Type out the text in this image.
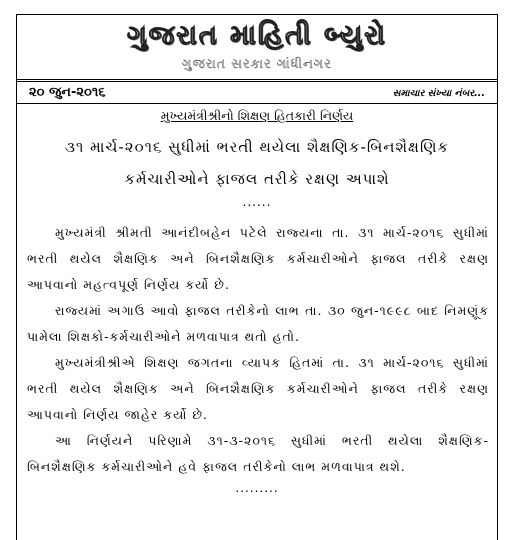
ગુજરાત માહિતી બ્યુરો
ગુજરાત સરકાર ગાંધીનગર
૨૦ જુન-૨૦૧૬	સમાચાર સંખ્યા નંબર...
મુખ્યમંત્રીશ્રીનો શિક્ષણ હિતકારી નિર્ણય
૩૧ માર્ચ-૨૦૧૬ સુધીમાં ભરતી થયેલા શૈક્ષણિક-બિનશૈક્ષણિક
કર્મચારીઓને ફાજલ તરીકે રક્ષણ અપાશે
......

મુખ્યમંત્રી શ્રીમતી આનંદીબહેન પટેલે રાજ્યના તા. ૩૧ માર્ચ-૨૦૧૬ સુધીમાં ભરતી થયેલ શૈક્ષણિક અને બિનશૈક્ષણિક કર્મચારીઓને ફાજલ તરીકે રક્ષણ આપવાનો મહત્વપૂર્ણ નિર્ણય કર્યો છે.

રાજ્યમાં અગાઉ આવો ફાજલ તરીકેનો લાભ તા. ૩૦ જુન-૧૯૯૮ બાદ નિમણૂંક પામેલા શિક્ષકો-કર્મચારીઓને મળવાપાત્ર થતો હતો.

મુખ્યમંત્રીશ્રીએ શિક્ષણ જગતના વ્યાપક હિતમાં તા. ૩૧ માર્ચ-૨૦૧૬ સુધીમાં ભરતી થયેલ શૈક્ષણિક અને બિનશૈક્ષણિક કર્મચારીઓને ફાજલ તરીકે રક્ષણ આપવાનો નિર્ણય જાહેર કર્યો છે.

આ નિર્ણયને પરિણામે ૩૧-૩-૨૦૧૬ સુધીમાં ભરતી થયેલા શૈક્ષણિક-બિનશૈક્ષણિક કર્મચારીઓને હવે ફાજલ તરીકેનો લાભ મળવાપાત્ર થશે.

.........
